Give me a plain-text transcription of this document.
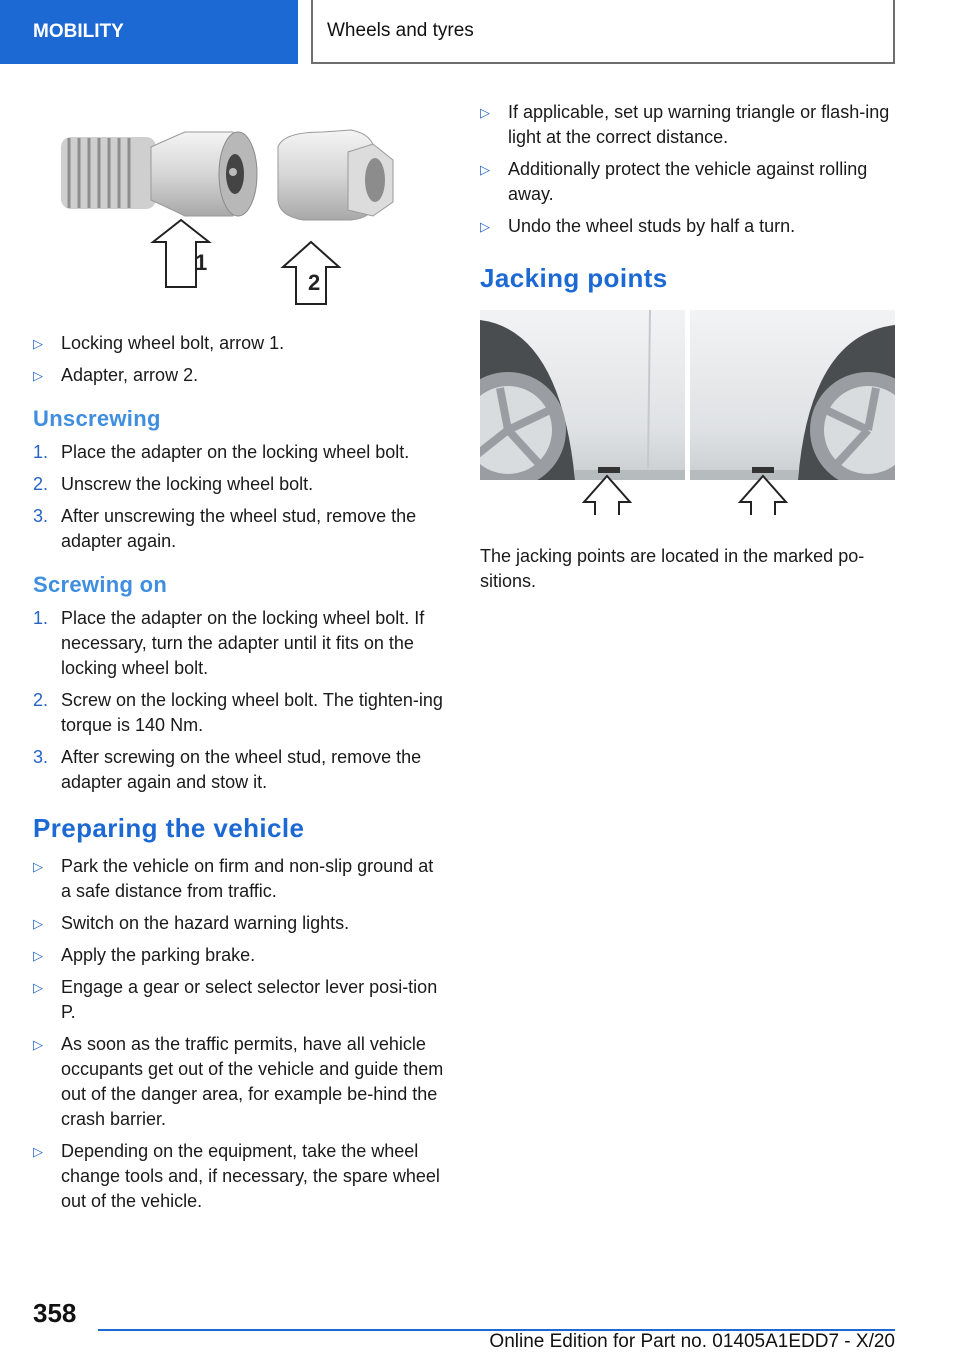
MOBILITY	Wheels and tyres
1
2
▷ Locking wheel bolt, arrow 1.
▷ Adapter, arrow 2.
Unscrewing
1. Place the adapter on the locking wheel bolt.
2. Unscrew the locking wheel bolt.
3. After unscrewing the wheel stud, remove the adapter again.
Screwing on
1. Place the adapter on the locking wheel bolt. If necessary, turn the adapter until it fits on the locking wheel bolt.
2. Screw on the locking wheel bolt. The tighten-ing torque is 140 Nm.
3. After screwing on the wheel stud, remove the adapter again and stow it.
Preparing the vehicle
▷ Park the vehicle on firm and non-slip ground at a safe distance from traffic.
▷ Switch on the hazard warning lights.
▷ Apply the parking brake.
▷ Engage a gear or select selector lever posi-tion P.
▷ As soon as the traffic permits, have all vehicle occupants get out of the vehicle and guide them out of the danger area, for example be-hind the crash barrier.
▷ Depending on the equipment, take the wheel change tools and, if necessary, the spare wheel out of the vehicle.
▷ If applicable, set up warning triangle or flash-ing light at the correct distance.
▷ Additionally protect the vehicle against rolling away.
▷ Undo the wheel studs by half a turn.
Jacking points

The jacking points are located in the marked po-sitions.

358
Online Edition for Part no. 01405A1EDD7 - X/20
